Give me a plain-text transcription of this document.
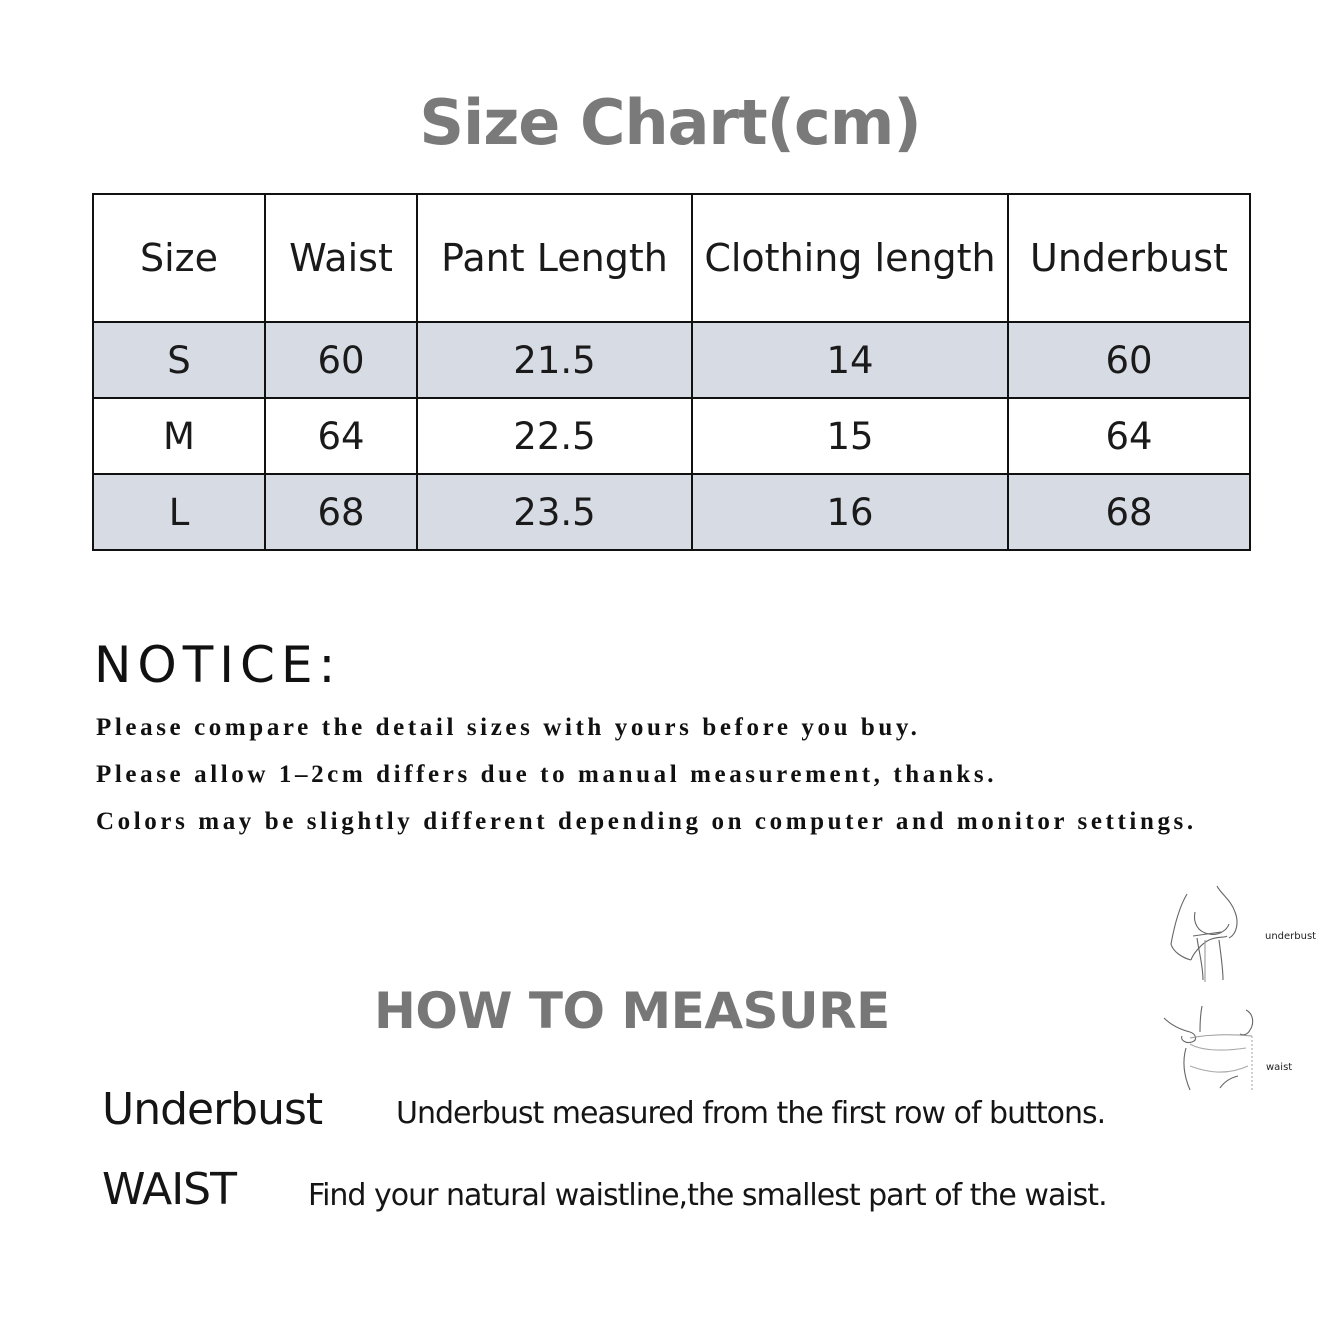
Size Chart(cm)
Size	Waist	Pant Length	Clothing length	Underbust
S	60	21.5	14	60
M	64	22.5	15	64
L	68	23.5	16	68
NOTICE:
Please compare the detail sizes with yours before you buy.
Please allow 1–2cm differs due to manual measurement, thanks.
Colors may be slightly different depending on computer and monitor settings.
underbust
waist
HOW TO MEASURE
Underbust Underbust measured from the first row of buttons.
WAIST Find your natural waistline,the smallest part of the waist.
